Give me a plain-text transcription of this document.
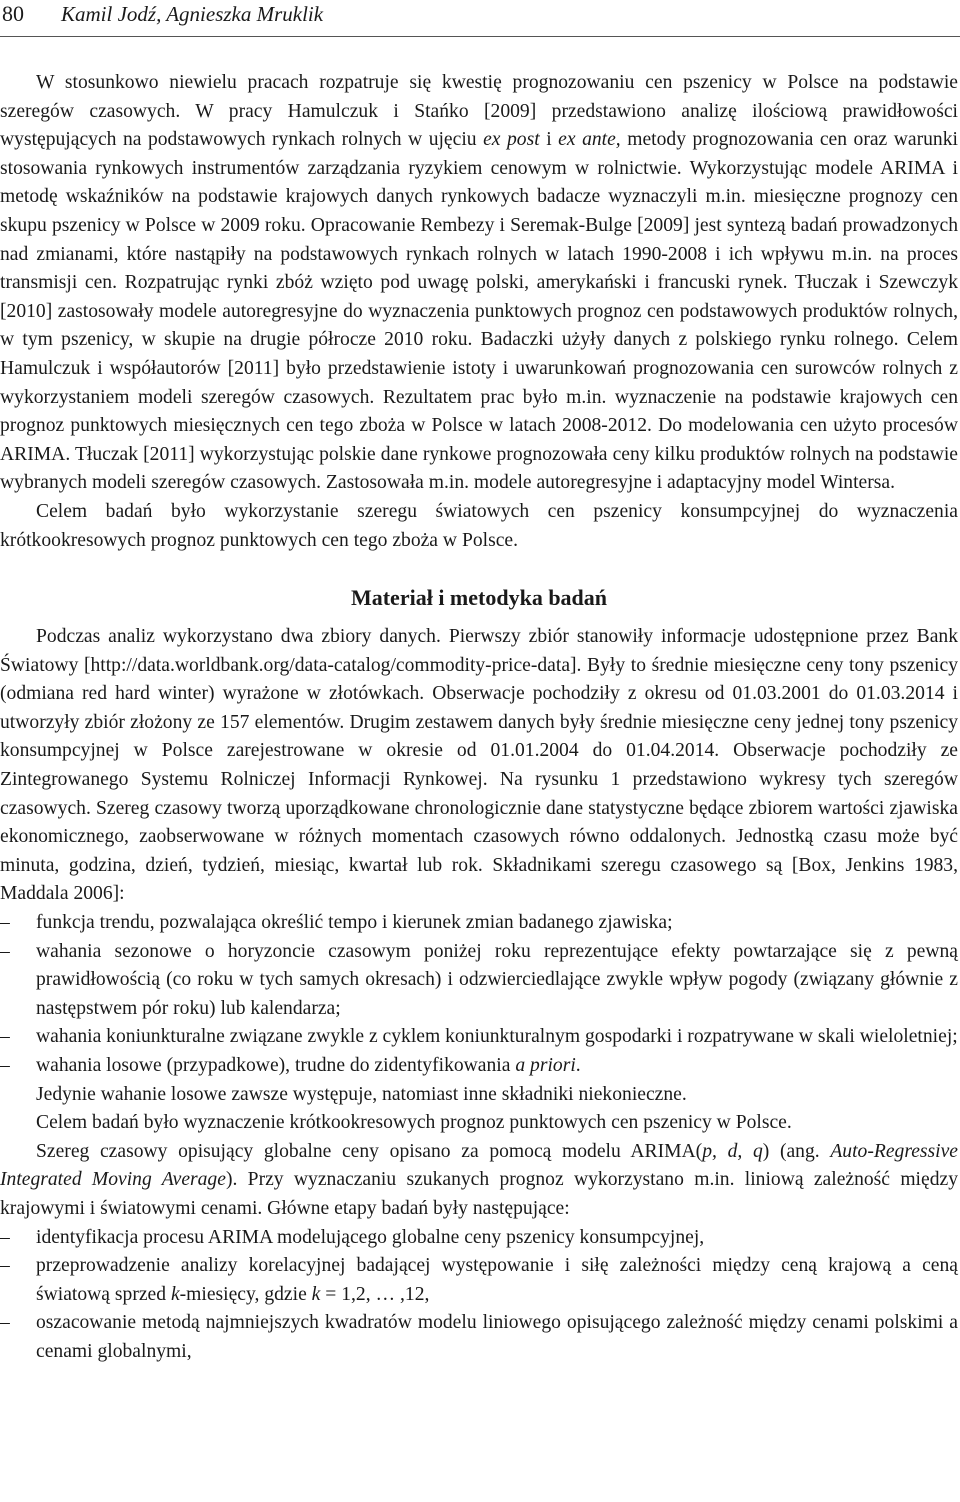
80 Kamil Jodź, Agnieszka Mruklik

W stosunkowo niewielu pracach rozpatruje się kwestię prognozowaniu cen pszenicy w Polsce na podstawie szeregów czasowych. W pracy Hamulczuk i Stańko [2009] przedstawiono analizę ilościową prawidłowości występujących na podstawowych rynkach rolnych w ujęciu ex post i ex ante, metody prognozowania cen oraz warunki stosowania rynkowych instrumentów zarządzania ryzykiem cenowym w rolnictwie. Wykorzystując modele ARIMA i metodę wskaźników na podstawie krajowych danych rynkowych badacze wyznaczyli m.in. miesięczne prognozy cen skupu pszenicy w Polsce w 2009 roku. Opracowanie Rembezy i Seremak-Bulge [2009] jest syntezą badań prowadzonych nad zmianami, które nastąpiły na podstawowych rynkach rolnych w latach 1990-2008 i ich wpływu m.in. na proces transmisji cen. Rozpatrując rynki zbóż wzięto pod uwagę polski, amerykański i francuski rynek. Tłuczak i Szewczyk [2010] zastosowały modele autoregresyjne do wyznaczenia punktowych prognoz cen podstawowych produktów rolnych, w tym pszenicy, w skupie na drugie półrocze 2010 roku. Badaczki użyły danych z polskiego rynku rolnego. Celem Hamulczuk i współautorów [2011] było przedstawienie istoty i uwarunkowań prognozowania cen surowców rolnych z wykorzystaniem modeli szeregów czasowych. Rezultatem prac było m.in. wyznaczenie na podstawie krajowych cen prognoz punktowych miesięcznych cen tego zboża w Polsce w latach 2008-2012. Do modelowania cen użyto procesów ARIMA. Tłuczak [2011] wykorzystując polskie dane rynkowe prognozowała ceny kilku produktów rolnych na podstawie wybranych modeli szeregów czasowych. Zastosowała m.in. modele autoregresyjne i adaptacyjny model Wintersa.

Celem badań było wykorzystanie szeregu światowych cen pszenicy konsumpcyjnej do wyznaczenia krótkookresowych prognoz punktowych cen tego zboża w Polsce.

Materiał i metodyka badań

Podczas analiz wykorzystano dwa zbiory danych. Pierwszy zbiór stanowiły informacje udostępnione przez Bank Światowy [http://data.worldbank.org/data-catalog/commodity-price-data]. Były to średnie miesięczne ceny tony pszenicy (odmiana red hard winter) wyrażone w złotówkach. Obserwacje pochodziły z okresu od 01.03.2001 do 01.03.2014 i utworzyły zbiór złożony ze 157 elementów. Drugim zestawem danych były średnie miesięczne ceny jednej tony pszenicy konsumpcyjnej w Polsce zarejestrowane w okresie od 01.01.2004 do 01.04.2014. Obserwacje pochodziły ze Zintegrowanego Systemu Rolniczej Informacji Rynkowej. Na rysunku 1 przedstawiono wykresy tych szeregów czasowych. Szereg czasowy tworzą uporządkowane chronologicznie dane statystyczne będące zbiorem wartości zjawiska ekonomicznego, zaobserwowane w różnych momentach czasowych równo oddalonych. Jednostką czasu może być minuta, godzina, dzień, tydzień, miesiąc, kwartał lub rok. Składnikami szeregu czasowego są [Box, Jenkins 1983, Maddala 2006]:

– funkcja trendu, pozwalająca określić tempo i kierunek zmian badanego zjawiska;
– wahania sezonowe o horyzoncie czasowym poniżej roku reprezentujące efekty powtarzające się z pewną prawidłowością (co roku w tych samych okresach) i odzwierciedlające zwykle wpływ pogody (związany głównie z następstwem pór roku) lub kalendarza;
– wahania koniunkturalne związane zwykle z cyklem koniunkturalnym gospodarki i rozpatrywane w skali wieloletniej;
– wahania losowe (przypadkowe), trudne do zidentyfikowania a priori.

Jedynie wahanie losowe zawsze występuje, natomiast inne składniki niekonieczne.

Celem badań było wyznaczenie krótkookresowych prognoz punktowych cen pszenicy w Polsce.

Szereg czasowy opisujący globalne ceny opisano za pomocą modelu ARIMA(p, d, q) (ang. Auto-Regressive Integrated Moving Average). Przy wyznaczaniu szukanych prognoz wykorzystano m.in. liniową zależność między krajowymi i światowymi cenami. Główne etapy badań były następujące:

– identyfikacja procesu ARIMA modelującego globalne ceny pszenicy konsumpcyjnej,
– przeprowadzenie analizy korelacyjnej badającej występowanie i siłę zależności między ceną krajową a ceną światową sprzed k-miesięcy, gdzie k = 1,2, … ,12,
– oszacowanie metodą najmniejszych kwadratów modelu liniowego opisującego zależność między cenami polskimi a cenami globalnymi,
